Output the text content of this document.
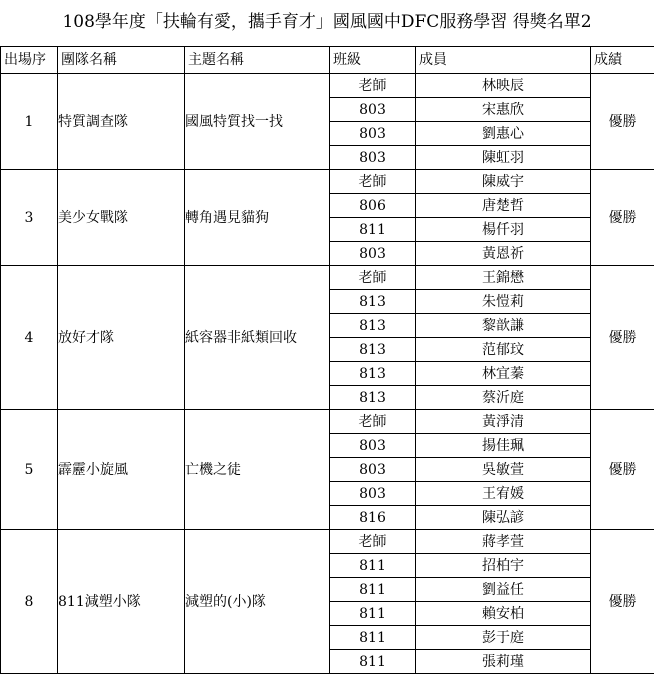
108學年度「扶輪有愛，攜手育才」國風國中DFC服務學習 得獎名單2
出場序	團隊名稱	主題名稱	班級	成員	成績
1	特質調查隊	國風特質找一找	老師	林映辰	優勝
			803	宋惠欣	
			803	劉惠心	
			803	陳虹羽	
3	美少女戰隊	轉角遇見貓狗	老師	陳威宇	優勝
			806	唐楚哲	
			811	楊仟羽	
			803	黃恩祈	
4	放好才隊	紙容器非紙類回收	老師	王錦懋	優勝
			813	朱愷莉	
			813	黎歆謙	
			813	范郁玟	
			813	林宜蓁	
			813	蔡沂庭	
5	霹靂小旋風	亡機之徒	老師	黃淨清	優勝
			803	揚佳珮	
			803	吳敏萱	
			803	王宥媛	
			816	陳弘諺	
8	811減塑小隊	減塑的(小)隊	老師	蔣孝萱	優勝
			811	招柏宇	
			811	劉益任	
			811	賴安柏	
			811	彭于庭	
			811	張莉瑾	
